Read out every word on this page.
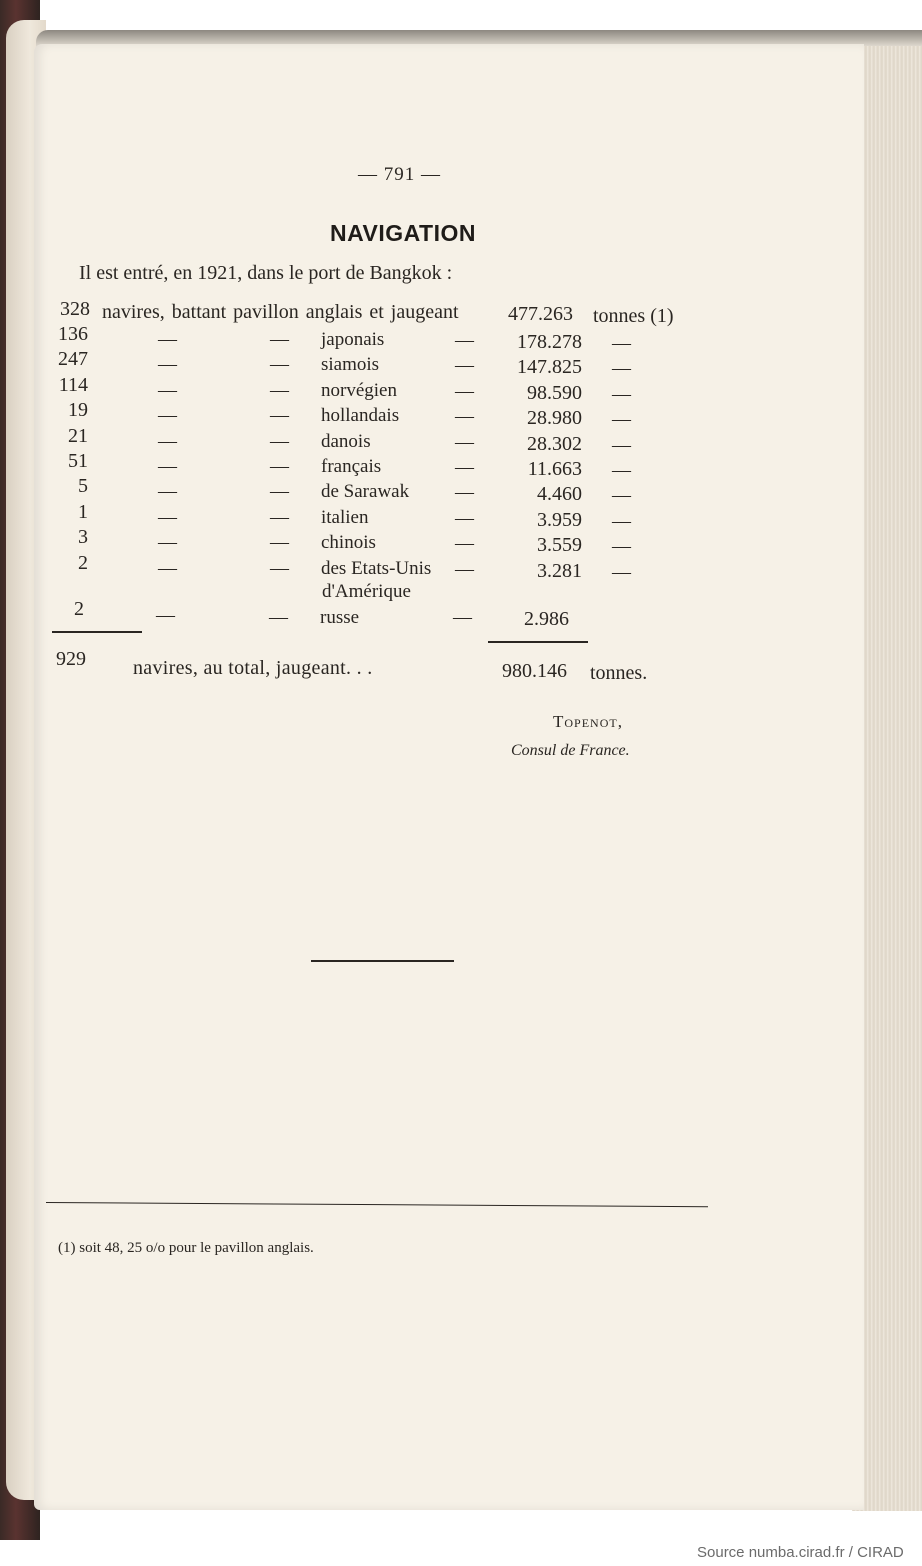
— 791 —
NAVIGATION
Il est entré, en 1921, dans le port de Bangkok :
328 navires, battant pavillon anglais et jaugeant 477.263 tonnes (1)
136	—	— japonais	—	178.278 —
247	—	— siamois	—	147.825 —
114	—	— norvégien	—	98.590 —
19	—	— hollandais	—	28.980 —
21	—	— danois	—	28.302 —
51	—	— français	—	11.663 —
5	—	— de Sarawak —	4.460 —
1	—	— italien	—	3.959 —
3	—	— chinois	—	3.559 —
2	—	— des Etats-Unis —	3.281 —
d'Amérique
2	—	— russe	—	2.986
929 navires, au total, jaugeant. . .	980.146 tonnes.
Topenot,
Consul de France.
(1) soit 48, 25 o/o pour le pavillon anglais.
Source numba.cirad.fr / CIRAD
